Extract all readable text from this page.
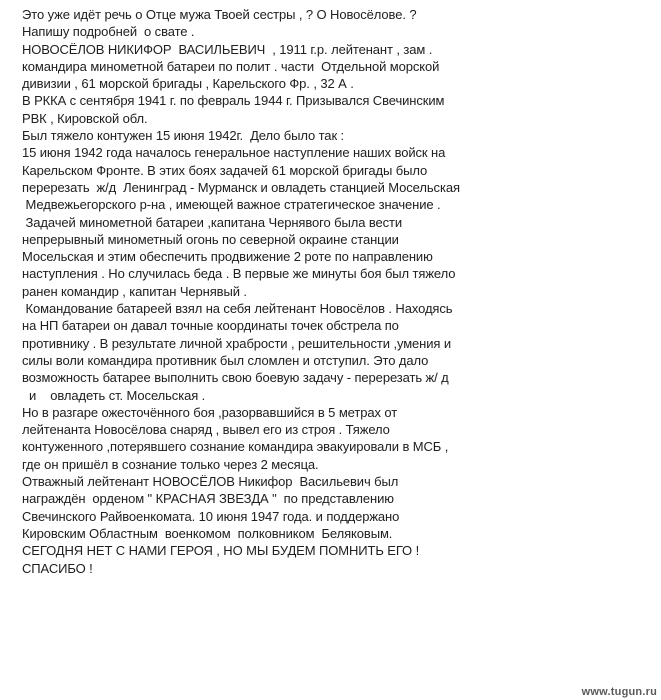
Это уже идёт речь о Отце мужа Твоей сестры , ? О Новосёлове. ?
Напишу подробней  о свате .
НОВОСЁЛОВ НИКИФОР  ВАСИЛЬЕВИЧ  , 1911 г.р. лейтенант , зам .
командира минометной батареи по полит . части  Отдельной морской
дивизии , 61 морской бригады , Карельского Фр. , 32 А .
В РККА с сентября 1941 г. по февраль 1944 г. Призывался Свечинским
РВК , Кировской обл.
Был тяжело контужен 15 июня 1942г.  Дело было так :
15 июня 1942 года началось генеральное наступление наших войск на
Карельском Фронте. В этих боях задачей 61 морской бригады было
перерезать  ж/д  Ленинград - Мурманск и овладеть станцией Мосельская
Медвежьегорского р-на , имеющей важное стратегическое значение .
Задачей минометной батареи ,капитана Чернявого была вести
непрерывный минометный огонь по северной окраине станции
Мосельская и этим обеспечить продвижение 2 роте по направлению
наступления . Но случилась беда . В первые же минуты боя был тяжело
ранен командир , капитан Чернявый .
Командование батареей взял на себя лейтенант Новосёлов . Находясь
на НП батареи он давал точные координаты точек обстрела по
противнику . В результате личной храбрости , решительности ,умения и
силы воли командира противник был сломлен и отступил. Это дало
возможность батарее выполнить свою боевую задачу - перерезать ж/ д
и    овладеть ст. Мосельская .
Но в разгаре ожесточённого боя ,разорвавшийся в 5 метрах от
лейтенанта Новосёлова снаряд , вывел его из строя . Тяжело
контуженного ,потерявшего сознание командира эвакуировали в МСБ ,
где он пришёл в сознание только через 2 месяца.
Отважный лейтенант НОВОСЁЛОВ Никифор  Васильевич был
награждён  орденом " КРАСНАЯ ЗВЕЗДА "  по представлению
Свечинского Райвоенкомата. 10 июня 1947 года. и поддержано
Кировским Областным  военкомом  полковником  Беляковым.
СЕГОДНЯ НЕТ С НАМИ ГЕРОЯ , НО МЫ БУДЕМ ПОМНИТЬ ЕГО !
СПАСИБО !
www.tugun.ru
